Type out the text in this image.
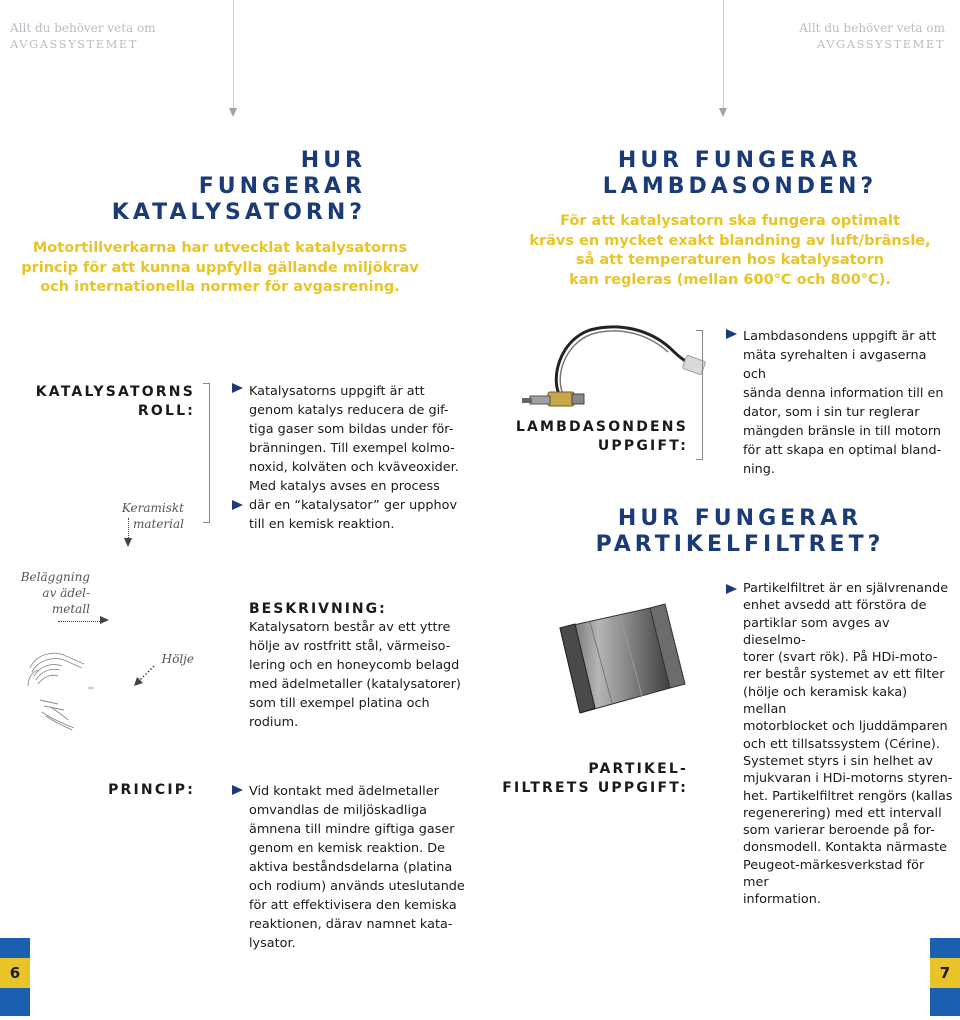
Allt du behöver veta om
AVGASSYSTEMET
Allt du behöver veta om
AVGASSYSTEMET
HUR
FUNGERAR
KATALYSATORN?
Motortillverkarna har utvecklat katalysatorns
princip för att kunna uppfylla gällande miljökrav
och internationella normer för avgasrening.
KATALYSATORNS
ROLL:
Katalysatorns uppgift är att
genom katalys reducera de gif-
tiga gaser som bildas under för-
bränningen. Till exempel kolmo-
noxid, kolväten och kväveoxider.
Med katalys avses en process
där en “katalysator” ger upphov
till en kemisk reaktion.
Keramiskt material
Beläggning
av ädel-
metall
Hölje
BESKRIVNING:
Katalysatorn består av ett yttre
hölje av rostfritt stål, värmeiso-
lering och en honeycomb belagd
med ädelmetaller (katalysatorer)
som till exempel platina och
rodium.
PRINCIP:	Vid kontakt med ädelmetaller
omvandlas de miljöskadliga
ämnena till mindre giftiga gaser
genom en kemisk reaktion. De
aktiva beståndsdelarna (platina
och rodium) används uteslutande
för att effektivisera den kemiska
reaktionen, därav namnet kata-
lysator.
HUR FUNGERAR
LAMBDASONDEN?
För att katalysatorn ska fungera optimalt
krävs en mycket exakt blandning av luft/bränsle,
så att temperaturen hos katalysatorn
kan regleras (mellan 600°C och 800°C).
LAMBDASONDENS
UPPGIFT:
Lambdasondens uppgift är att
mäta syrehalten i avgaserna och
sända denna information till en
dator, som i sin tur reglerar
mängden bränsle in till motorn
för att skapa en optimal bland-
ning.
HUR FUNGERAR
PARTIKELFILTRET?
PARTIKEL-
FILTRETS UPPGIFT:
Partikelfiltret är en självrenande
enhet avsedd att förstöra de
partiklar som avges av dieselmo-
torer (svart rök). På HDi-moto-
rer består systemet av ett filter
(hölje och keramisk kaka) mellan
motorblocket och ljuddämparen
och ett tillsatssystem (Cérine).
Systemet styrs i sin helhet av
mjukvaran i HDi-motorns styren-
het. Partikelfiltret rengörs (kallas
regenerering) med ett intervall
som varierar beroende på for-
donsmodell. Kontakta närmaste
Peugeot-märkesverkstad för mer
information.
6	7
